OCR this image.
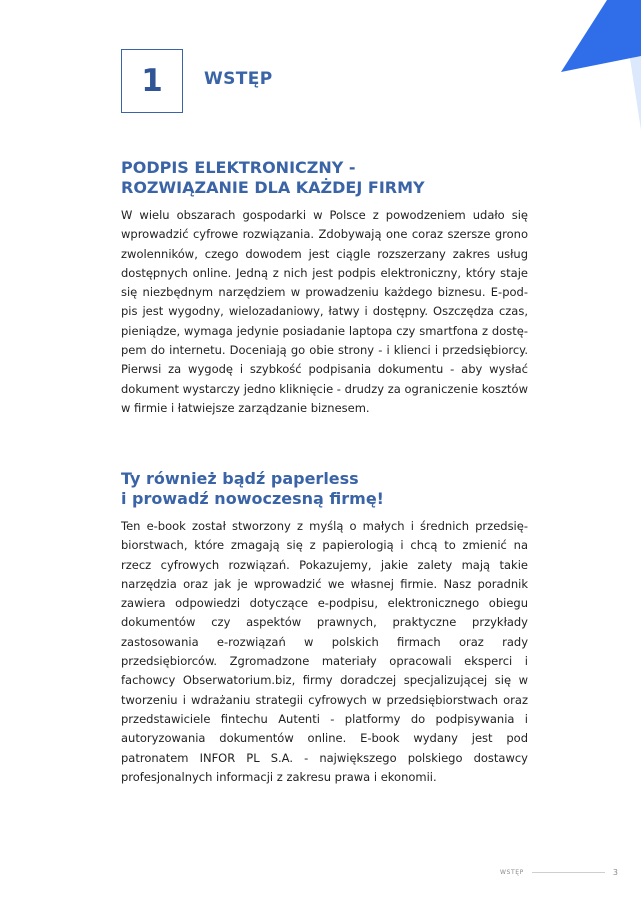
1 WSTĘP
PODPIS ELEKTRONICZNY -
ROZWIĄZANIE DLA KAŻDEJ FIRMY

W wielu obszarach gospodarki w Polsce z powodzeniem udało się wprowadzić cyfrowe rozwiązania. Zdobywają one coraz szersze grono zwolenników, czego dowodem jest ciągle rozszerzany zakres usług dostępnych online. Jedną z nich jest podpis elektroniczny, który staje się niezbędnym narzędziem w prowadzeniu każdego biznesu. E-podpis jest wygodny, wielozadaniowy, łatwy i dostępny. Oszczędza czas, pieniądze, wymaga jedynie posiadanie laptopa czy smartfona z dostępem do internetu. Doceniają go obie strony - i klienci i przedsiębiorcy. Pierwsi za wygodę i szybkość podpisania dokumentu - aby wysłać dokument wystarczy jedno kliknięcie - drudzy za ograniczenie kosztów w firmie i łatwiejsze zarządzanie biznesem.

Ty również bądź paperless
i prowadź nowoczesną firmę!

Ten e-book został stworzony z myślą o małych i średnich przedsiębiorstwach, które zmagają się z papierologią i chcą to zmienić na rzecz cyfrowych rozwiązań. Pokazujemy, jakie zalety mają takie narzędzia oraz jak je wprowadzić we własnej firmie. Nasz poradnik zawiera odpowiedzi dotyczące e-podpisu, elektronicznego obiegu dokumentów czy aspektów prawnych, praktyczne przykłady zastosowania e-rozwiązań w polskich firmach oraz rady przedsiębiorców. Zgromadzone materiały opracowali eksperci i fachowcy Obserwatorium.biz, firmy doradczej specjalizującej się w tworzeniu i wdrażaniu strategii cyfrowych w przedsiębiorstwach oraz przedstawiciele fintechu Autenti - platformy do podpisywania i autoryzowania dokumentów online. E-book wydany jest pod patronatem INFOR PL S.A. - największego polskiego dostawcy profesjonalnych informacji z zakresu prawa i ekonomii.

WSTĘP	3
